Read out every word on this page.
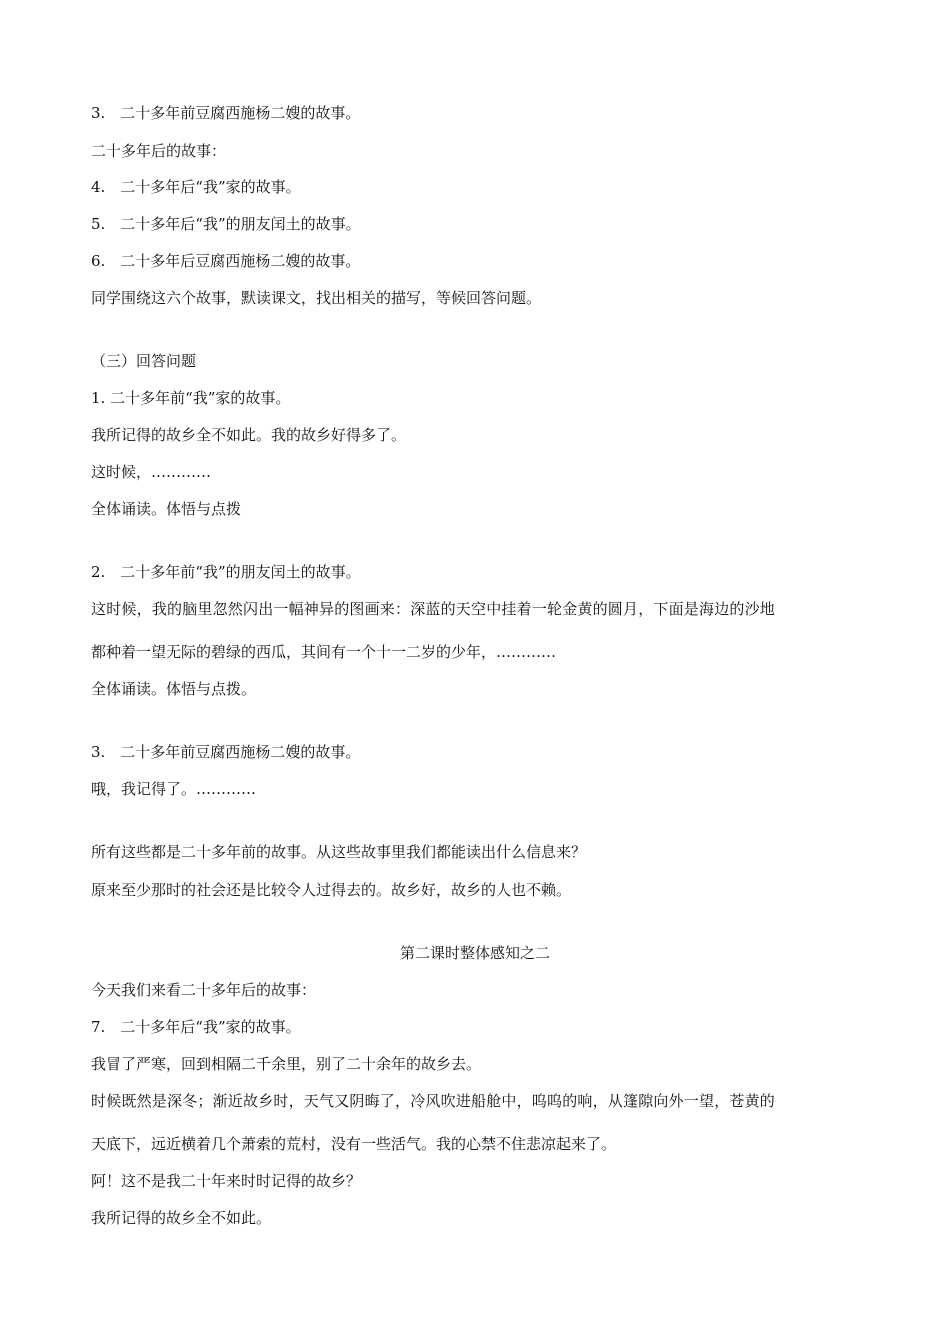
3.　二十多年前豆腐西施杨二嫂的故事。
二十多年后的故事：
4.　二十多年后“我”家的故事。
5.　二十多年后“我”的朋友闰土的故事。
6.　二十多年后豆腐西施杨二嫂的故事。
同学围绕这六个故事，默读课文，找出相关的描写，等候回答问题。
（三）回答问题
1. 二十多年前“我”家的故事。
我所记得的故乡全不如此。我的故乡好得多了。
这时候，…………
全体诵读。体悟与点拨
2.　二十多年前“我”的朋友闰土的故事。
这时候，我的脑里忽然闪出一幅神异的图画来：深蓝的天空中挂着一轮金黄的圆月，下面是海边的沙地
都种着一望无际的碧绿的西瓜，其间有一个十一二岁的少年，…………
全体诵读。体悟与点拨。
3.　二十多年前豆腐西施杨二嫂的故事。
哦，我记得了。…………
所有这些都是二十多年前的故事。从这些故事里我们都能读出什么信息来？
原来至少那时的社会还是比较令人过得去的。故乡好，故乡的人也不赖。
第二课时整体感知之二
今天我们来看二十多年后的故事：
7.　二十多年后“我”家的故事。
我冒了严寒，回到相隔二千余里，别了二十余年的故乡去。
时候既然是深冬；渐近故乡时，天气又阴晦了，冷风吹进船舱中，呜呜的响，从篷隙向外一望，苍黄的
天底下，远近横着几个萧索的荒村，没有一些活气。我的心禁不住悲凉起来了。
阿！这不是我二十年来时时记得的故乡？
我所记得的故乡全不如此。
